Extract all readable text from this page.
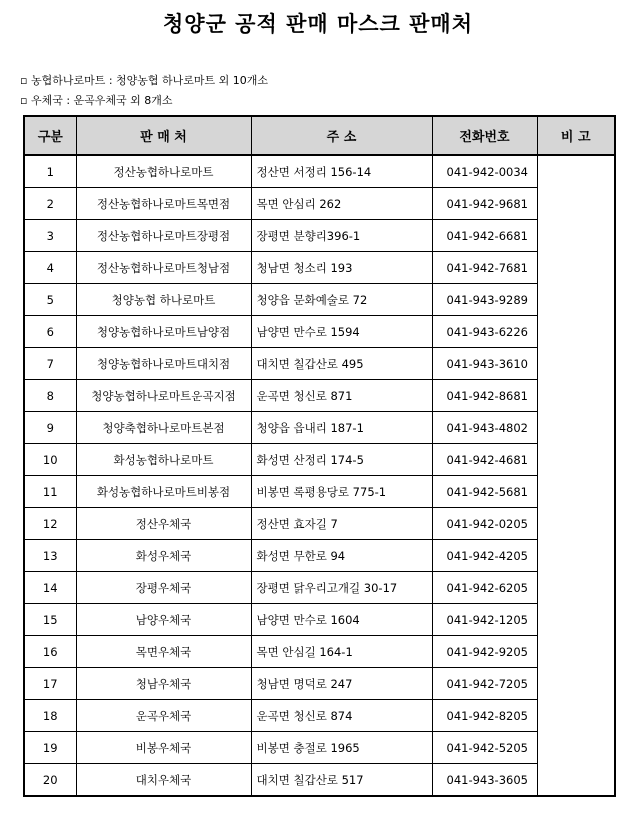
청양군 공적 판매 마스크 판매처
▫ 농협하나로마트 : 청양농협 하나로마트 외 10개소
▫ 우체국 : 운곡우체국 외 8개소
구분	판 매 처	주 소	전화번호	비 고
1	정산농협하나로마트	정산면 서정리 156-14	041-942-0034	
2	정산농협하나로마트목면점	목면 안심리 262	041-942-9681	
3	정산농협하나로마트장평점	장평면 분향리396-1	041-942-6681	
4	정산농협하나로마트청남점	청남면 청소리 193	041-942-7681	
5	청양농협 하나로마트	청양읍 문화예술로 72	041-943-9289	
6	청양농협하나로마트남양점	남양면 만수로 1594	041-943-6226	
7	청양농협하나로마트대치점	대치면 칠갑산로 495	041-943-3610	
8	청양농협하나로마트운곡지점	운곡면 청신로 871	041-942-8681	
9	청양축협하나로마트본점	청양읍 읍내리 187-1	041-943-4802	
10	화성농협하나로마트	화성면 산정리 174-5	041-942-4681	
11	화성농협하나로마트비봉점	비봉면 록평용당로 775-1	041-942-5681	
12	정산우체국	정산면 효자길 7	041-942-0205	
13	화성우체국	화성면 무한로 94	041-942-4205	
14	장평우체국	장평면 닭우리고개길 30-17	041-942-6205	
15	남양우체국	남양면 만수로 1604	041-942-1205	
16	목면우체국	목면 안심길 164-1	041-942-9205	
17	청남우체국	청남면 명덕로 247	041-942-7205	
18	운곡우체국	운곡면 청신로 874	041-942-8205	
19	비봉우체국	비봉면 충절로 1965	041-942-5205	
20	대치우체국	대치면 칠갑산로 517	041-943-3605	
